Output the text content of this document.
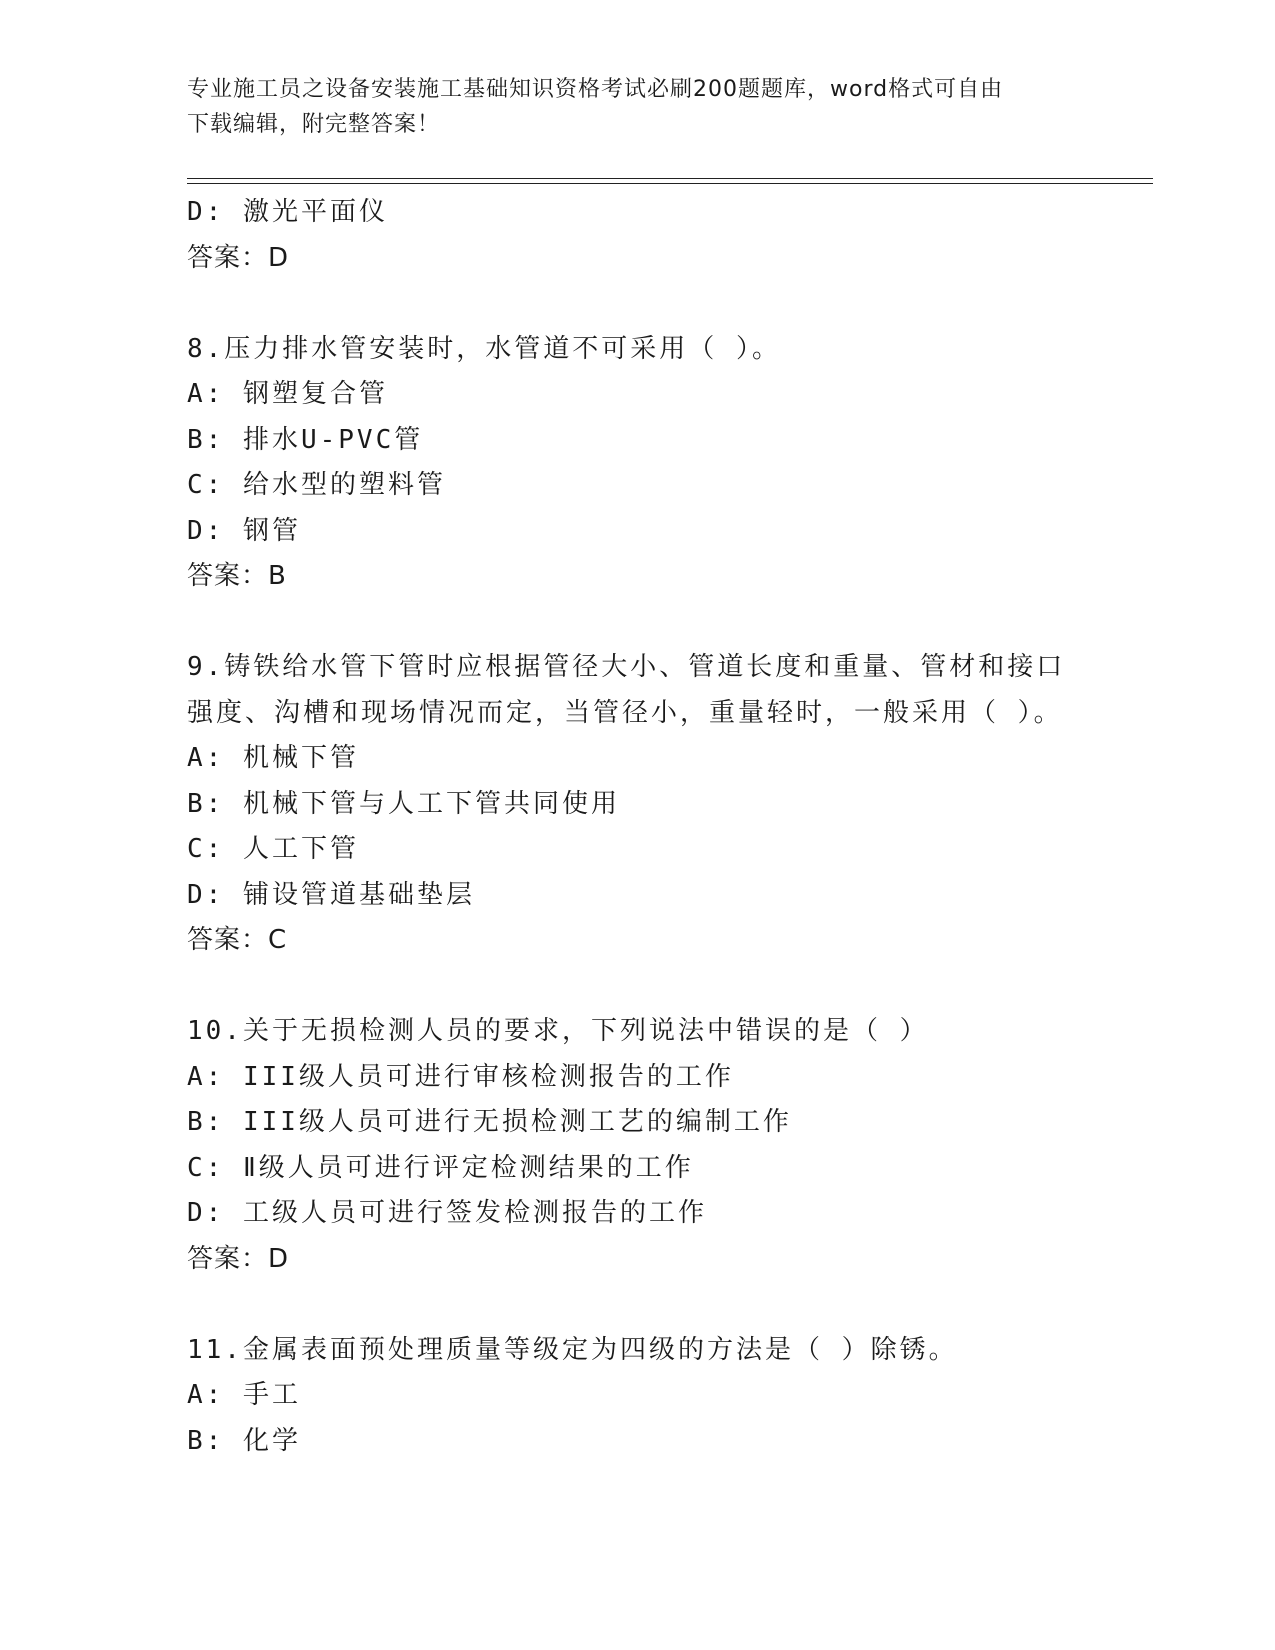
专业施工员之设备安装施工基础知识资格考试必刷200题题库，word格式可自由
下载编辑，附完整答案！
D: 激光平面仪
答案：D
8.压力排水管安装时，水管道不可采用（ ）。
A: 钢塑复合管
B: 排水U-PVC管
C: 给水型的塑料管
D: 钢管
答案：B
9.铸铁给水管下管时应根据管径大小、管道长度和重量、管材和接口
强度、沟槽和现场情况而定，当管径小，重量轻时，一般采用（ ）。
A: 机械下管
B: 机械下管与人工下管共同使用
C: 人工下管
D: 铺设管道基础垫层
答案：C
10.关于无损检测人员的要求，下列说法中错误的是（ ）
A: III级人员可进行审核检测报告的工作
B: III级人员可进行无损检测工艺的编制工作
C: Ⅱ级人员可进行评定检测结果的工作
D: 工级人员可进行签发检测报告的工作
答案：D
11.金属表面预处理质量等级定为四级的方法是（ ）除锈。
A: 手工
B: 化学
